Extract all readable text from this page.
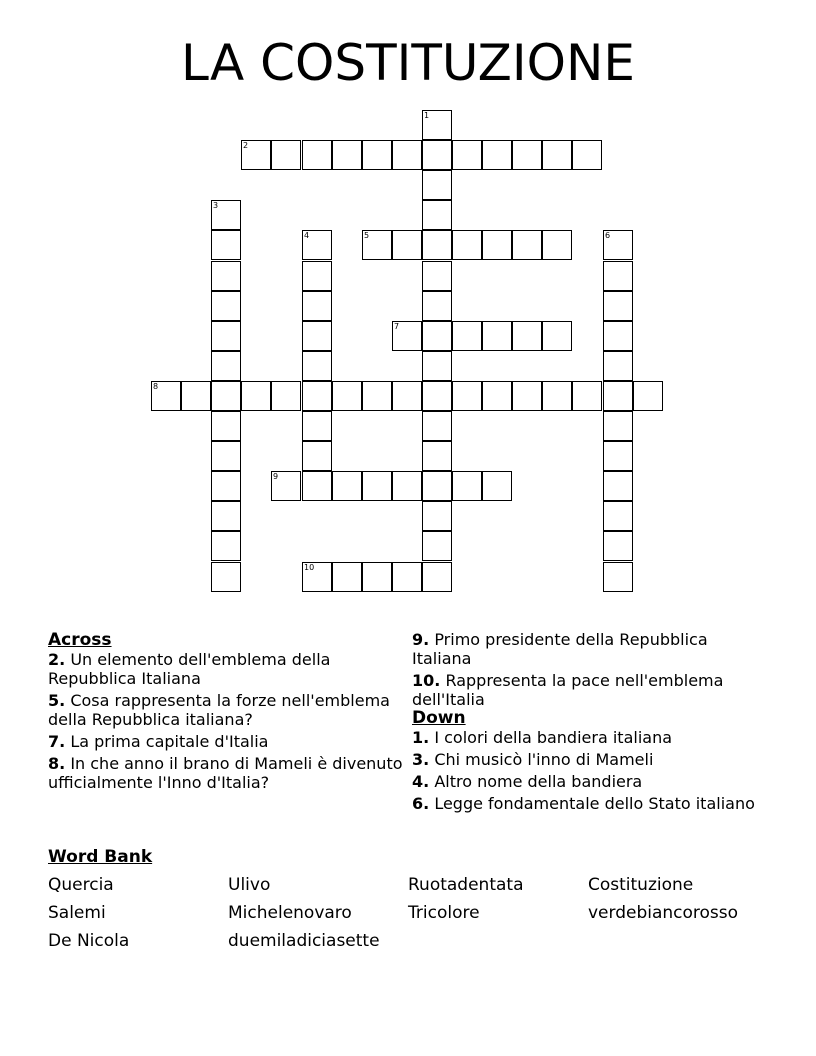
LA COSTITUZIONE
1
2
3
4	5	6
7
8
9
10
Across
2. Un elemento dell'emblema della Repubblica Italiana
5. Cosa rappresenta la forze nell'emblema della Repubblica italiana?
7. La prima capitale d'Italia
8. In che anno il brano di Mameli è divenuto ufficialmente l'Inno d'Italia?
9. Primo presidente della Repubblica Italiana
10. Rappresenta la pace nell'emblema dell'Italia
Down
1. I colori della bandiera italiana
3. Chi musicò l'inno di Mameli
4. Altro nome della bandiera
6. Legge fondamentale dello Stato italiano
Word Bank
Quercia	Ulivo	Ruotadentata	Costituzione
Salemi	Michelenovaro	Tricolore	verdebiancorosso
De Nicola	duemiladiciasette
